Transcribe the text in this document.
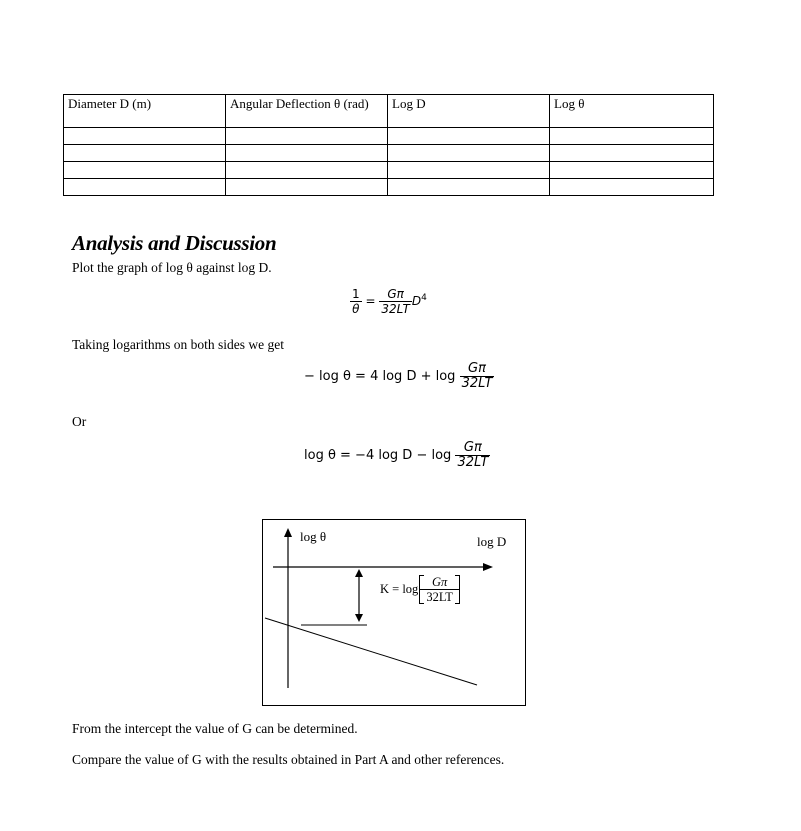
Diameter D (m)	Angular Deflection θ (rad)	Log D	Log θ

Analysis and Discussion
Plot the graph of log θ against log D.
$\frac{1}{\theta} = \frac{G\pi}{32LT} D^4$
Taking logarithms on both sides we get
− log θ = 4 $\log D + \log \frac{G\pi}{32LT}$
Or
log θ = −4 $\log D - \log \frac{G\pi}{32LT}$
log θ	log D
$K = \log \frac{G\pi}{32LT}$
From the intercept the value of G can be determined.
Compare the value of G with the results obtained in Part A and other references.
